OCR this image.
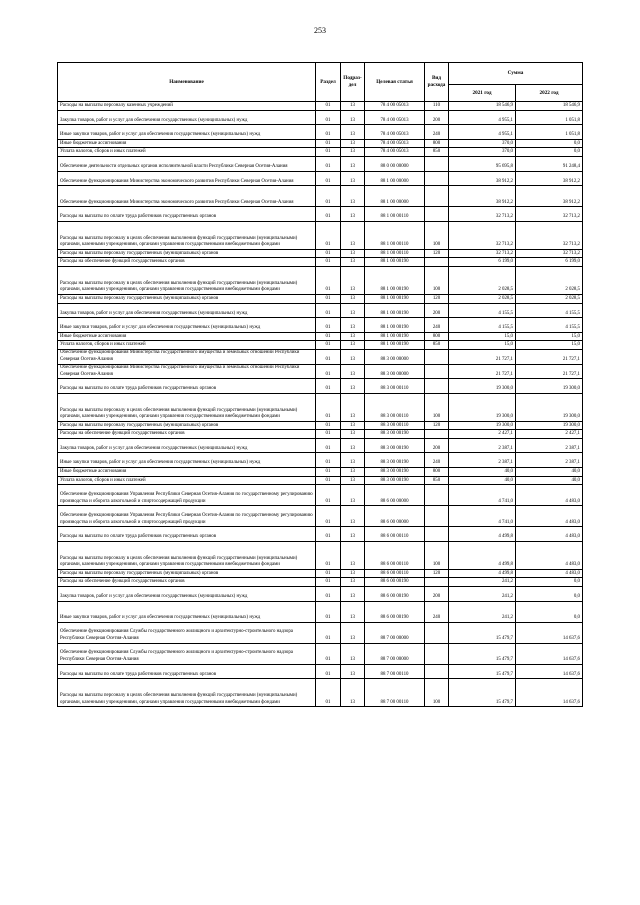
253
Наименование	Раздел	Подраз-дел	Целевая статья	Вид расхода	Сумма	
					2021 год	2022 год
Расходы на выплаты персоналу казенных учреждений	01	13	78 4 00 05013	110	18 546,9	18 546,9
Закупка товаров, работ и услуг для обеспечения государственных (муниципальных) нужд	01	13	78 4 00 05013	200	4 955,1	1 051,8
Иные закупки товаров, работ и услуг для обеспечения государственных (муниципальных) нужд	01	13	78 4 00 05013	240	4 955,1	1 051,8
Иные бюджетные ассигнования	01	13	78 4 00 05013	800	370,0	0,0
Уплата налогов, сборов и иных платежей	01	13	78 4 00 05013	850	370,0	0,0
Обеспечение деятельности отдельных органов исполнительной власти Республики Северная Осетия-Алания	01	13	88 0 00 00000		95 695,8	91 248,4
Обеспечение функционирования Министерства экономического развития Республики Северная Осетия-Алания	01	13	88 1 00 00000		38 912,2	38 912,2
Обеспечение функционирования Министерства экономического развития Республики Северная Осетия-Алания	01	13	88 1 00 00000		38 912,2	38 912,2
Расходы на выплаты по оплате труда работников государственных органов	01	13	88 1 00 00110		32 713,2	32 713,2
Расходы на выплаты персоналу в целях обеспечения выполнения функций государственными (муниципальными) органами, казенными учреждениями, органами управления государственными внебюджетными фондами	01	13	88 1 00 00110	100	32 713,2	32 713,2
Расходы на выплаты персоналу государственных (муниципальных) органов	01	13	88 1 00 00110	120	32 713,2	32 713,2
Расходы на обеспечение функций государственных органов	01	13	88 1 00 00190		6 199,0	6 199,0
Расходы на выплаты персоналу в целях обеспечения выполнения функций государственными (муниципальными) органами, казенными учреждениями, органами управления государственными внебюджетными фондами	01	13	88 1 00 00190	100	2 028,5	2 028,5
Расходы на выплаты персоналу государственных (муниципальных) органов	01	13	88 1 00 00190	120	2 028,5	2 028,5
Закупка товаров, работ и услуг для обеспечения государственных (муниципальных) нужд	01	13	88 1 00 00190	200	4 155,5	4 155,5
Иные закупки товаров, работ и услуг для обеспечения государственных (муниципальных) нужд	01	13	88 1 00 00190	240	4 155,5	4 155,5
Иные бюджетные ассигнования	01	13	88 1 00 00190	800	15,0	15,0
Уплата налогов, сборов и иных платежей	01	13	88 1 00 00190	850	15,0	15,0
Обеспечение функционирования Министерства государственного имущества и земельных отношений Республики Северная Осетия-Алания	01	13	88 3 00 00000		21 727,1	21 727,1
Обеспечение функционирования Министерства государственного имущества и земельных отношений Республики Северная Осетия-Алания	01	13	88 3 00 00000		21 727,1	21 727,1
Расходы на выплаты по оплате труда работников государственных органов	01	13	88 3 00 00110		19 300,0	19 300,0
Расходы на выплаты персоналу в целях обеспечения выполнения функций государственными (муниципальными) органами, казенными учреждениями, органами управления государственными внебюджетными фондами	01	13	88 3 00 00110	100	19 300,0	19 300,0
Расходы на выплаты персоналу государственных (муниципальных) органов	01	13	88 3 00 00110	120	19 300,0	19 300,0
Расходы на обеспечение функций государственных органов	01	13	88 3 00 00190		2 427,1	2 427,1
Закупка товаров, работ и услуг для обеспечения государственных (муниципальных) нужд	01	13	88 3 00 00190	200	2 387,1	2 387,1
Иные закупки товаров, работ и услуг для обеспечения государственных (муниципальных) нужд	01	13	88 3 00 00190	240	2 387,1	2 387,1
Иные бюджетные ассигнования	01	13	88 3 00 00190	800	40,0	40,0
Уплата налогов, сборов и иных платежей	01	13	88 3 00 00190	850	40,0	40,0
Обеспечение функционирования Управления Республики Северная Осетия-Алания по государственному регулированию производства и оборота алкогольной и спиртосодержащей продукции	01	13	88 6 00 00000		4 741,0	4 483,0
Обеспечение функционирования Управления Республики Северная Осетия-Алания по государственному регулированию производства и оборота алкогольной и спиртосодержащей продукции	01	13	88 6 00 00000		4 741,0	4 483,0
Расходы на выплаты по оплате труда работников государственных органов	01	13	88 6 00 00110		4 499,8	4 483,0
Расходы на выплаты персоналу в целях обеспечения выполнения функций государственными (муниципальными) органами, казенными учреждениями, органами управления государственными внебюджетными фондами	01	13	88 6 00 00110	100	4 499,8	4 483,0
Расходы на выплаты персоналу государственных (муниципальных) органов	01	13	88 6 00 00110	120	4 499,8	4 483,0
Расходы на обеспечение функций государственных органов	01	13	88 6 00 00190		241,2	0,0
Закупка товаров, работ и услуг для обеспечения государственных (муниципальных) нужд	01	13	88 6 00 00190	200	241,2	0,0
Иные закупки товаров, работ и услуг для обеспечения государственных (муниципальных) нужд	01	13	88 6 00 00190	240	241,2	0,0
Обеспечение функционирования Службы государственного жилищного и архитектурно-строительного надзора Республики Северная Осетия-Алания	01	13	88 7 00 00000		15 479,7	14 637,6
Обеспечение функционирования Службы государственного жилищного и архитектурно-строительного надзора Республики Северная Осетия-Алания	01	13	88 7 00 00000		15 479,7	14 637,6
Расходы на выплаты по оплате труда работников государственных органов	01	13	88 7 00 00110		15 479,7	14 637,6
Расходы на выплаты персоналу в целях обеспечения выполнения функций государственными (муниципальными) органами, казенными учреждениями, органами управления государственными внебюджетными фондами	01	13	88 7 00 00110	100	15 479,7	14 637,6
